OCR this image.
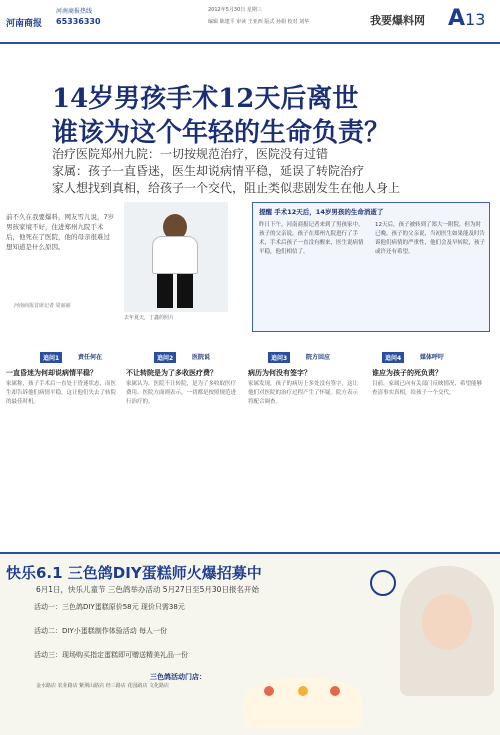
河南商报
河南商报热线
65336330
2012年5月30日 星期三
编辑 陈建平 审读 王亚西 版式 孙娟 校对 刘华	我要爆料网 A13
14岁男孩手术12天后离世
谁该为这个年轻的生命负责？
治疗医院郑州九院：一切按规范治疗，医院没有过错
家属：孩子一直昏迷，医生却说病情平稳，延误了转院治疗
家人想找到真相，给孩子一个交代，阻止类似悲剧发生在他人身上
前不久在我要爆料，网友雪儿说，7岁男孩家境不好，住进郑州九院手术后，他死在了医院，他的母亲很难过想知道是什么原因。
河南商报首席记者 周丽丽
去年夏天，丁鑫的照片
提醒 手术12天后，14岁男孩的生命消逝了
昨日下午，河南商报记者来到了男孩家中。孩子的父亲说，孩子在郑州九院进行了手术，手术后孩子一直没有醒来，医生说病情平稳，他们相信了。
12天后，孩子被转到了郑大一附院，但为时已晚。孩子的父亲说，当初医生如果能及时告诉他们病情的严重性，他们会及早转院，孩子或许还有希望。
追问1	责任何在
一直昏迷为何却说病情平稳？
家属称，孩子手术后一直处于昏迷状态，而医生却告诉他们病情平稳，这让他们失去了转院的最佳时机。
追问2	医院说
不让转院是为了多收医疗费？
家属认为，医院不让转院，是为了多收取医疗费用。医院方面则表示，一切都是按照规范进行治疗的。
追问3	院方回应
病历为何没有签字？
家属发现，孩子的病历上多处没有签字，这让他们对医院的治疗过程产生了怀疑。院方表示将配合调查。
追问4	媒体呼吁
谁应为孩子的死负责？
目前，家属已向有关部门反映情况，希望能够查清事实真相，给孩子一个交代。
快乐6.1 三色鸽DIY蛋糕师火爆招募中
6月1日，快乐儿童节 三色鸽举办活动 5月27日至5月30日报名开始
活动一：三色鸽DIY蛋糕原价58元 现价只需38元
活动二：DIY小蛋糕制作体验活动 每人一份
活动三：现场购买指定蛋糕即可赠送精美礼品一份
三色鸽活动门店：
金水路店 农业路店 紫荆山路店 经三路店 花园路店 文化路店
